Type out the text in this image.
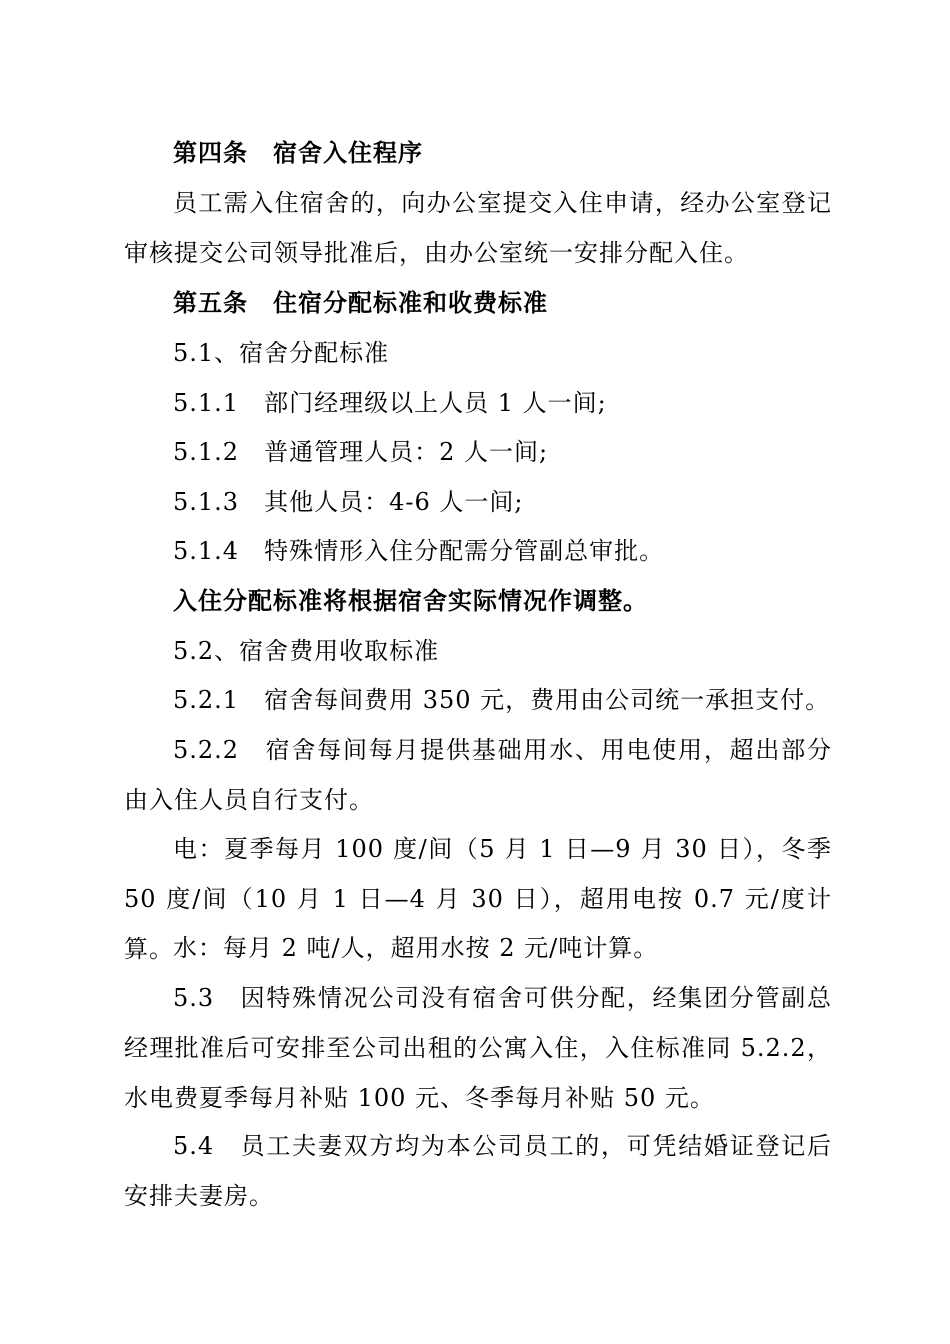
第四条　宿舍入住程序
员工需入住宿舍的，向办公室提交入住申请，经办公室登记审核提交公司领导批准后，由办公室统一安排分配入住。
第五条　住宿分配标准和收费标准
5.1、宿舍分配标准
5.1.1　部门经理级以上人员 1 人一间;
5.1.2　普通管理人员：2 人一间;
5.1.3　其他人员：4-6 人一间;
5.1.4　特殊情形入住分配需分管副总审批。
入住分配标准将根据宿舍实际情况作调整。
5.2、宿舍费用收取标准
5.2.1　宿舍每间费用 350 元，费用由公司统一承担支付。
5.2.2　宿舍每间每月提供基础用水、用电使用，超出部分由入住人员自行支付。
电：夏季每月 100 度/间（5 月 1 日—9 月 30 日），冬季 50 度/间（10 月 1 日—4 月 30 日），超用电按 0.7 元/度计算。 水：每月 2 吨/人，超用水按 2 元/吨计算。
5.3　因特殊情况公司没有宿舍可供分配，经集团分管副总经理批准后可安排至公司出租的公寓入住，入住标准同 5.2.2，水电费夏季每月补贴 100 元、冬季每月补贴 50 元。
5.4　员工夫妻双方均为本公司员工的，可凭结婚证登记后安排夫妻房。
